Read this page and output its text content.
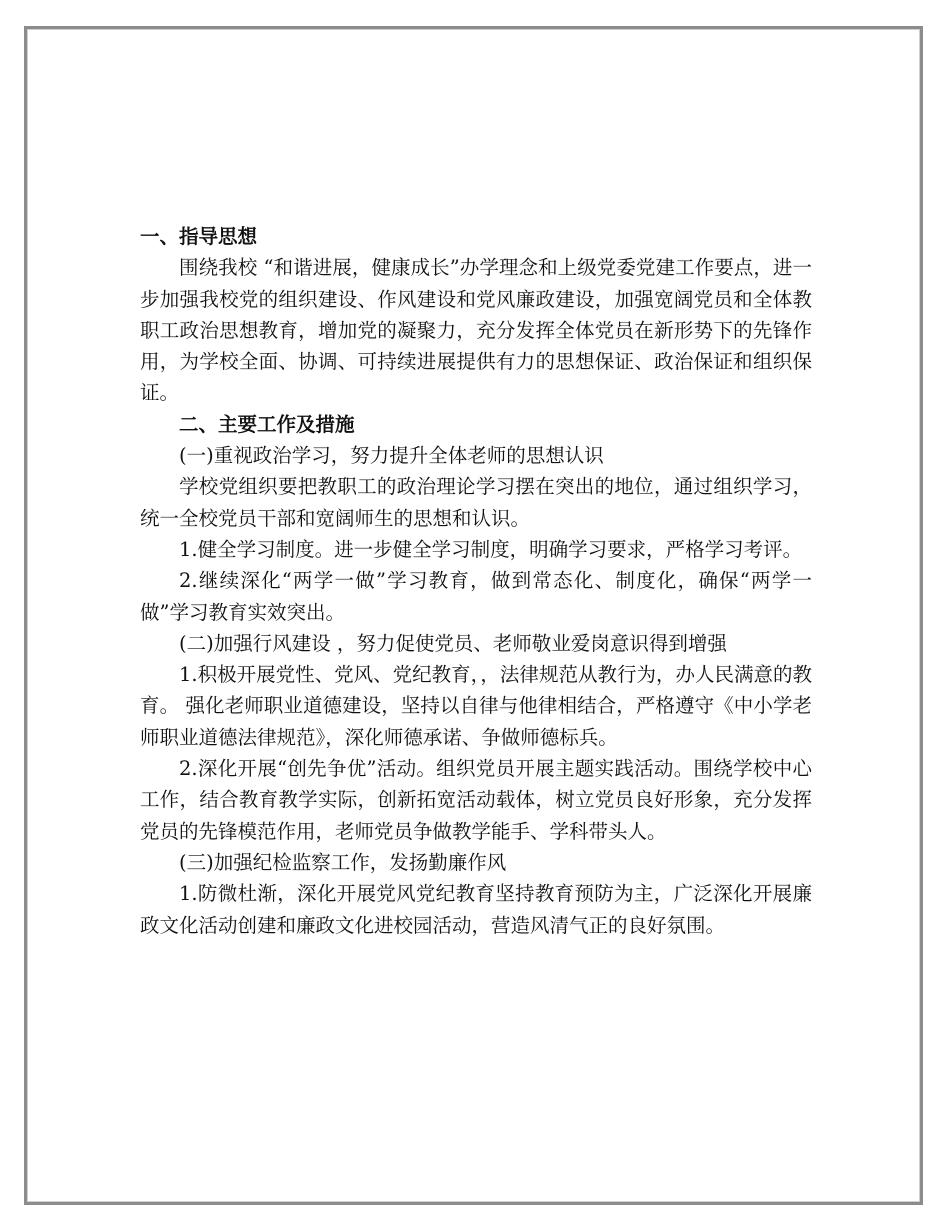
一、指导思想

围绕我校 “和谐进展，健康成长”办学理念和上级党委党建工作要点，进一步加强我校党的组织建设、作风建设和党风廉政建设，加强宽阔党员和全体教职工政治思想教育，增加党的凝聚力，充分发挥全体党员在新形势下的先锋作用，为学校全面、协调、可持续进展提供有力的思想保证、政治保证和组织保证。

二、主要工作及措施

(一)重视政治学习，努力提升全体老师的思想认识

学校党组织要把教职工的政治理论学习摆在突出的地位，通过组织学习，统一全校党员干部和宽阔师生的思想和认识。

1.健全学习制度。进一步健全学习制度，明确学习要求，严格学习考评。

2.继续深化“两学一做”学习教育，做到常态化、制度化，确保“两学一做”学习教育实效突出。

(二)加强行风建设 ，努力促使党员、老师敬业爱岗意识得到增强

1.积极开展党性、党风、党纪教育，，法律规范从教行为，办人民满意的教育。 强化老师职业道德建设，坚持以自律与他律相结合，严格遵守《中小学老师职业道德法律规范》，深化师德承诺、争做师德标兵。

2.深化开展“创先争优”活动。组织党员开展主题实践活动。围绕学校中心工作，结合教育教学实际，创新拓宽活动载体，树立党员良好形象，充分发挥党员的先锋模范作用，老师党员争做教学能手、学科带头人。

(三)加强纪检监察工作，发扬勤廉作风

1.防微杜渐，深化开展党风党纪教育坚持教育预防为主，广泛深化开展廉政文化活动创建和廉政文化进校园活动，营造风清气正的良好氛围。
